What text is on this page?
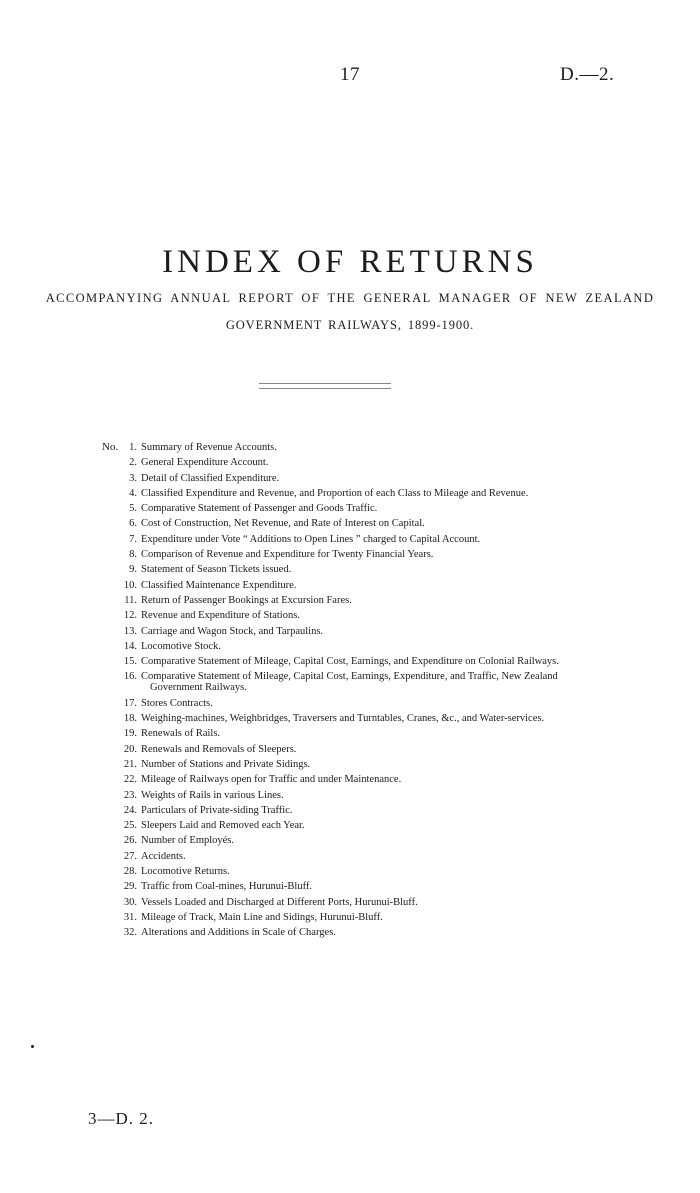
17	D.—2.
INDEX OF RETURNS
ACCOMPANYING ANNUAL REPORT OF THE GENERAL MANAGER OF NEW ZEALAND
GOVERNMENT RAILWAYS, 1899-1900.
No.	1. Summary of Revenue Accounts.
2. General Expenditure Account.
3. Detail of Classified Expenditure.
4. Classified Expenditure and Revenue, and Proportion of each Class to Mileage and Revenue.
5. Comparative Statement of Passenger and Goods Traffic.
6. Cost of Construction, Net Revenue, and Rate of Interest on Capital.
7. Expenditure under Vote “ Additions to Open Lines ” charged to Capital Account.
8. Comparison of Revenue and Expenditure for Twenty Financial Years.
9. Statement of Season Tickets issued.
10. Classified Maintenance Expenditure.
11. Return of Passenger Bookings at Excursion Fares.
12. Revenue and Expenditure of Stations.
13. Carriage and Wagon Stock, and Tarpaulins.
14. Locomotive Stock.
15. Comparative Statement of Mileage, Capital Cost, Earnings, and Expenditure on Colonial Railways.
16. Comparative Statement of Mileage, Capital Cost, Earnings, Expenditure, and Traffic, New Zealand
Government Railways.
17. Stores Contracts.
18. Weighing-machines, Weighbridges, Traversers and Turntables, Cranes, &c., and Water-services.
19. Renewals of Rails.
20. Renewals and Removals of Sleepers.
21. Number of Stations and Private Sidings.
22. Mileage of Railways open for Traffic and under Maintenance.
23. Weights of Rails in various Lines.
24. Particulars of Private-siding Traffic.
25. Sleepers Laid and Removed each Year.
26. Number of Employés.
27. Accidents.
28. Locomotive Returns.
29. Traffic from Coal-mines, Hurunui-Bluff.
30. Vessels Loaded and Discharged at Different Ports, Hurunui-Bluff.
31. Mileage of Track, Main Line and Sidings, Hurunui-Bluff.
32. Alterations and Additions in Scale of Charges.
3—D. 2.
